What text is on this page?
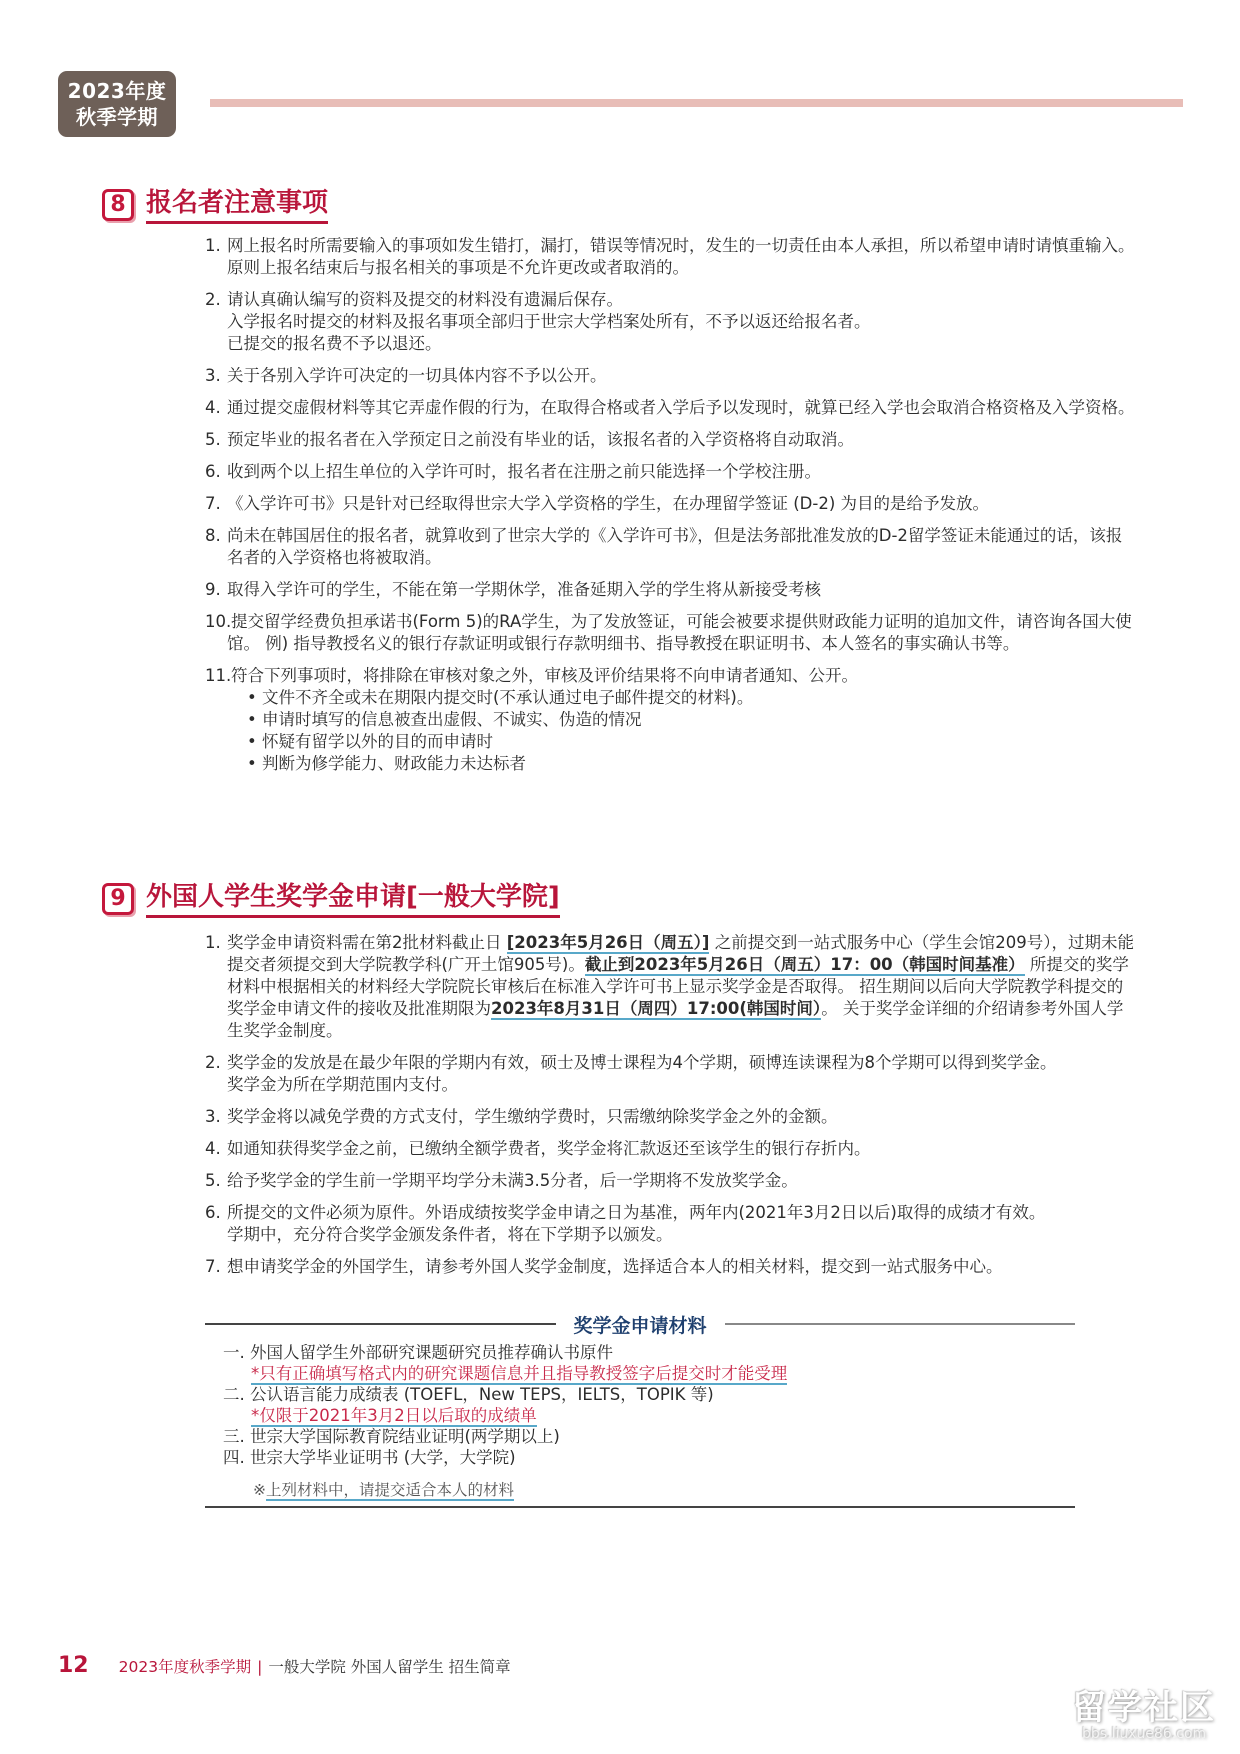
2023年度
秋季学期
8 报名者注意事项
1. 网上报名时所需要输入的事项如发生错打，漏打，错误等情况时，发生的一切责任由本人承担，所以希望申请时请慎重输入。原则上报名结束后与报名相关的事项是不允许更改或者取消的。
2. 请认真确认编写的资料及提交的材料没有遗漏后保存。
入学报名时提交的材料及报名事项全部归于世宗大学档案处所有，不予以返还给报名者。
已提交的报名费不予以退还。
3. 关于各别入学许可决定的一切具体内容不予以公开。
4. 通过提交虚假材料等其它弄虚作假的行为，在取得合格或者入学后予以发现时，就算已经入学也会取消合格资格及入学资格。
5. 预定毕业的报名者在入学预定日之前没有毕业的话，该报名者的入学资格将自动取消。
6. 收到两个以上招生单位的入学许可时，报名者在注册之前只能选择一个学校注册。
7. 《入学许可书》只是针对已经取得世宗大学入学资格的学生，在办理留学签证 (D-2) 为目的是给予发放。
8. 尚未在韩国居住的报名者，就算收到了世宗大学的《入学许可书》，但是法务部批准发放的D-2留学签证未能通过的话，该报名者的入学资格也将被取消。
9. 取得入学许可的学生，不能在第一学期休学，准备延期入学的学生将从新接受考核
10.提交留学经费负担承诺书(Form 5)的RA学生，为了发放签证，可能会被要求提供财政能力证明的追加文件，请咨询各国大使馆。 例) 指导教授名义的银行存款证明或银行存款明细书、指导教授在职证明书、本人签名的事实确认书等。
11.符合下列事项时，将排除在审核对象之外，审核及评价结果将不向申请者通知、公开。
• 文件不齐全或未在期限内提交时(不承认通过电子邮件提交的材料)。
• 申请时填写的信息被查出虚假、不诚实、伪造的情况
• 怀疑有留学以外的目的而申请时
• 判断为修学能力、财政能力未达标者
9 外国人学生奖学金申请[一般大学院]
1. 奖学金申请资料需在第2批材料截止日 [2023年5月26日（周五）] 之前提交到一站式服务中心（学生会馆209号），过期未能提交者须提交到大学院教学科(广开土馆905号)。截止到2023年5月26日（周五）17：00（韩国时间基准） 所提交的奖学材料中根据相关的材料经大学院院长审核后在标准入学许可书上显示奖学金是否取得。 招生期间以后向大学院教学科提交的奖学金申请文件的接收及批准期限为2023年8月31日（周四）17:00(韩国时间）。 关于奖学金详细的介绍请参考外国人学生奖学金制度。
2. 奖学金的发放是在最少年限的学期内有效，硕士及博士课程为4个学期，硕博连读课程为8个学期可以得到奖学金。
奖学金为所在学期范围内支付。
3. 奖学金将以减免学费的方式支付，学生缴纳学费时，只需缴纳除奖学金之外的金额。
4. 如通知获得奖学金之前，已缴纳全额学费者，奖学金将汇款返还至该学生的银行存折内。
5. 给予奖学金的学生前一学期平均学分未满3.5分者，后一学期将不发放奖学金。
6. 所提交的文件必须为原件。外语成绩按奖学金申请之日为基准，两年内(2021年3月2日以后)取得的成绩才有效。
学期中，充分符合奖学金颁发条件者，将在下学期予以颁发。
7. 想申请奖学金的外国学生，请参考外国人奖学金制度，选择适合本人的相关材料，提交到一站式服务中心。
奖学金申请材料
一. 外国人留学生外部研究课题研究员推荐确认书原件
*只有正确填写格式内的研究课题信息并且指导教授签字后提交时才能受理
二. 公认语言能力成绩表 (TOEFL，New TEPS，IELTS，TOPIK 等)
*仅限于2021年3月2日以后取的成绩单
三. 世宗大学国际教育院结业证明(两学期以上)
四. 世宗大学毕业证明书 (大学，大学院)
※上列材料中，请提交适合本人的材料
12 2023年度秋季学期 | 一般大学院 外国人留学生 招生简章
留学社区
bbs.liuxue86.com
